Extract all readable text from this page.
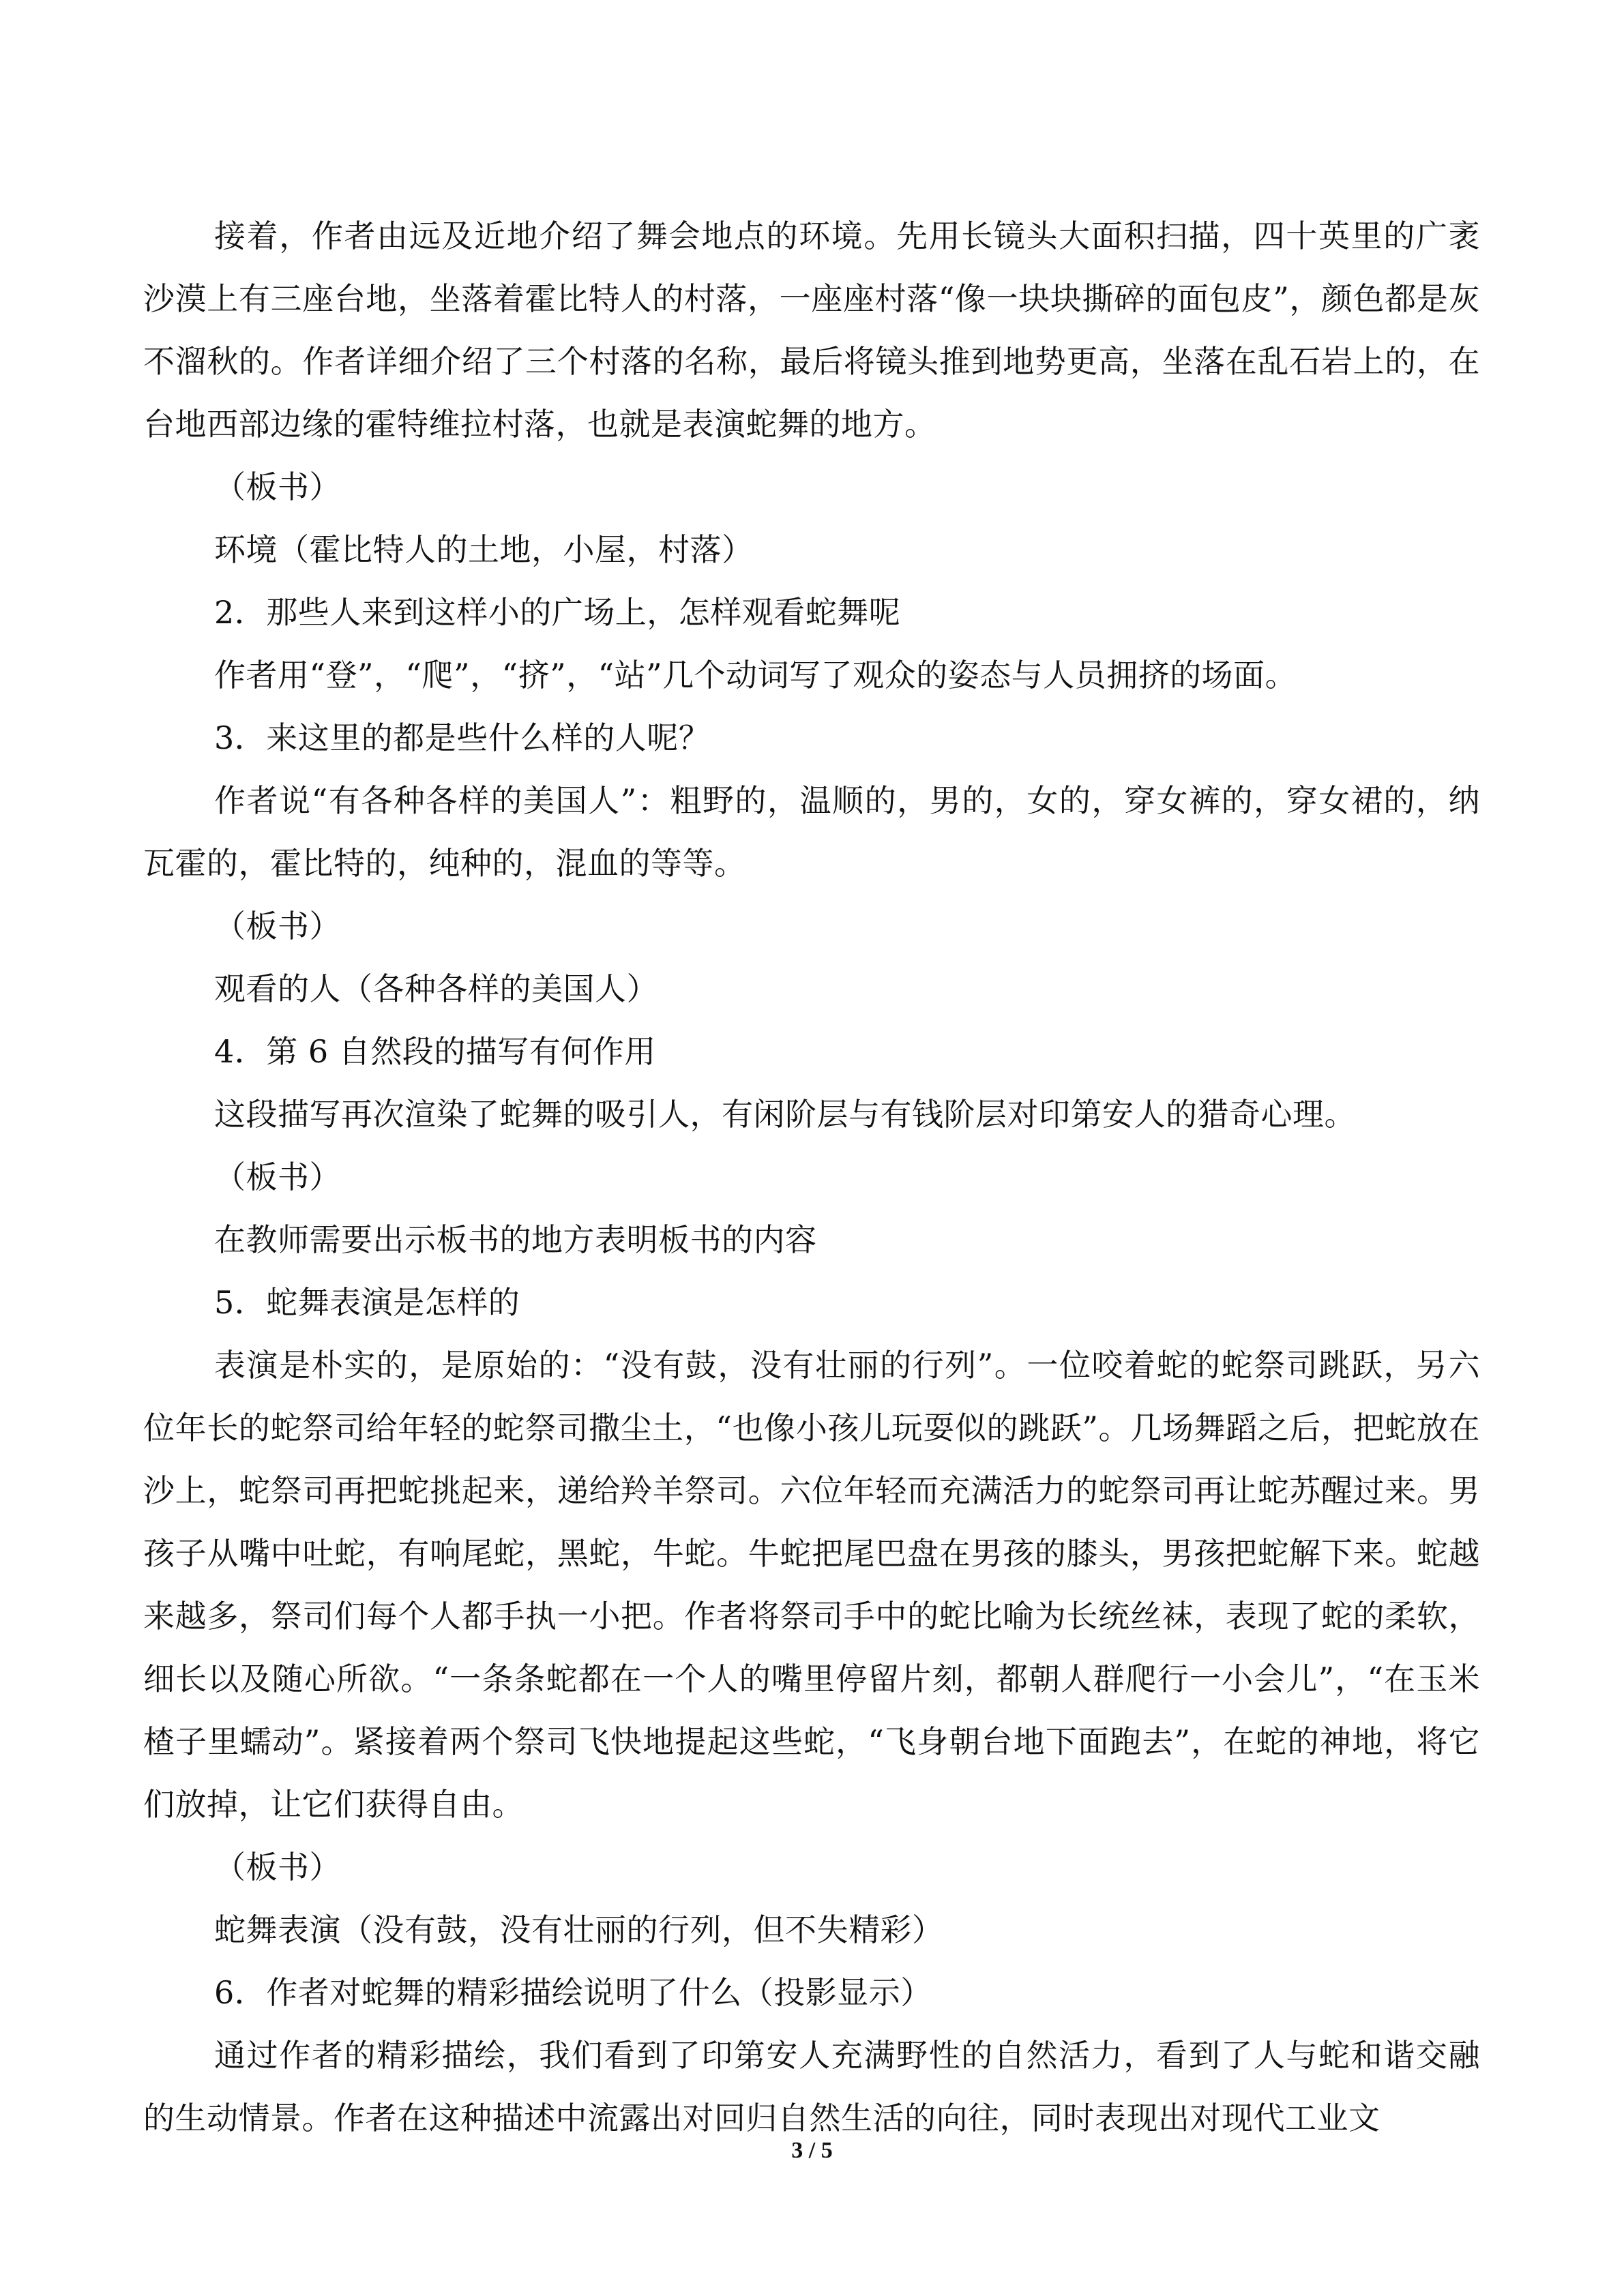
接着，作者由远及近地介绍了舞会地点的环境。先用长镜头大面积扫描，四十英里的广袤沙漠上有三座台地，坐落着霍比特人的村落，一座座村落“像一块块撕碎的面包皮”，颜色都是灰不溜秋的。作者详细介绍了三个村落的名称，最后将镜头推到地势更高，坐落在乱石岩上的，在台地西部边缘的霍特维拉村落，也就是表演蛇舞的地方。

（板书）

环境（霍比特人的土地，小屋，村落）

2．那些人来到这样小的广场上，怎样观看蛇舞呢

作者用“登”，“爬”，“挤”，“站”几个动词写了观众的姿态与人员拥挤的场面。

3．来这里的都是些什么样的人呢？

作者说“有各种各样的美国人”：粗野的，温顺的，男的，女的，穿女裤的，穿女裙的，纳瓦霍的，霍比特的，纯种的，混血的等等。

（板书）

观看的人（各种各样的美国人）

4．第 6 自然段的描写有何作用

这段描写再次渲染了蛇舞的吸引人，有闲阶层与有钱阶层对印第安人的猎奇心理。

（板书）

在教师需要出示板书的地方表明板书的内容

5．蛇舞表演是怎样的

表演是朴实的，是原始的：“没有鼓，没有壮丽的行列”。一位咬着蛇的蛇祭司跳跃，另六位年长的蛇祭司给年轻的蛇祭司撒尘土，“也像小孩儿玩耍似的跳跃”。几场舞蹈之后，把蛇放在沙上，蛇祭司再把蛇挑起来，递给羚羊祭司。六位年轻而充满活力的蛇祭司再让蛇苏醒过来。男孩子从嘴中吐蛇，有响尾蛇，黑蛇，牛蛇。牛蛇把尾巴盘在男孩的膝头，男孩把蛇解下来。蛇越来越多，祭司们每个人都手执一小把。作者将祭司手中的蛇比喻为长统丝袜，表现了蛇的柔软，细长以及随心所欲。“一条条蛇都在一个人的嘴里停留片刻，都朝人群爬行一小会儿”，“在玉米楂子里蠕动”。紧接着两个祭司飞快地提起这些蛇，“飞身朝台地下面跑去”，在蛇的神地，将它们放掉，让它们获得自由。

（板书）

蛇舞表演（没有鼓，没有壮丽的行列，但不失精彩）

6．作者对蛇舞的精彩描绘说明了什么（投影显示）

通过作者的精彩描绘，我们看到了印第安人充满野性的自然活力，看到了人与蛇和谐交融的生动情景。作者在这种描述中流露出对回归自然生活的向往，同时表现出对现代工业文

3 / 5
